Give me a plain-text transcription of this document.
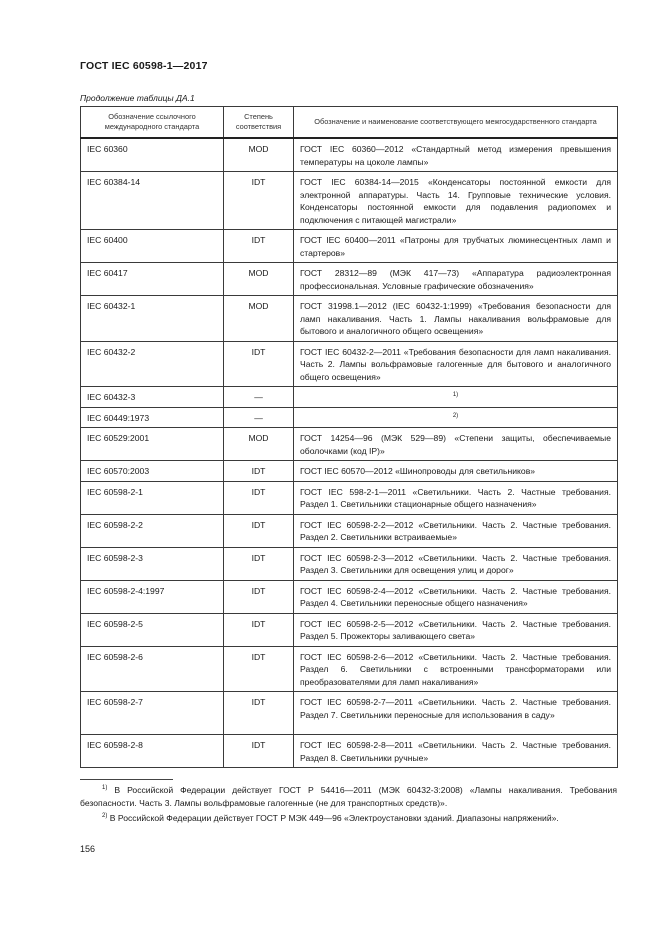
ГОСТ IEC 60598-1—2017
Продолжение таблицы ДА.1
Обозначение ссылочного международного стандарта	Степень соответствия	Обозначение и наименование соответствующего межгосударственного стандарта
IEC 60360	MOD	ГОСТ IEC 60360—2012 «Стандартный метод измерения превышения температуры на цоколе лампы»
IEC 60384-14	IDT	ГОСТ IEC 60384-14—2015 «Конденсаторы постоянной емкости для электронной аппаратуры. Часть 14. Групповые технические условия. Конденсаторы постоянной емкости для подавления радиопомех и подключения с питающей магистрали»
IEC 60400	IDT	ГОСТ IEC 60400—2011 «Патроны для трубчатых люминесцентных ламп и стартеров»
IEC 60417	MOD	ГОСТ 28312—89 (МЭК 417—73) «Аппаратура радиоэлектронная профессиональная. Условные графические обозначения»
IEC 60432-1	MOD	ГОСТ 31998.1—2012 (IEC 60432-1:1999) «Требования безопасности для ламп накаливания. Часть 1. Лампы накаливания вольфрамовые для бытового и аналогичного общего освещения»
IEC 60432-2	IDT	ГОСТ IEC 60432-2—2011 «Требования безопасности для ламп накаливания. Часть 2. Лампы вольфрамовые галогенные для бытового и аналогичного общего освещения»
IEC 60432-3	—	$^{1)}$
IEC 60449:1973	—	$^{2)}$
IEC 60529:2001	MOD	ГОСТ 14254—96 (МЭК 529—89) «Степени защиты, обеспечиваемые оболочками (код IP)»
IEC 60570:2003	IDT	ГОСТ IEC 60570—2012 «Шинопроводы для светильников»
IEC 60598-2-1	IDT	ГОСТ IEC 598-2-1—2011 «Светильники. Часть 2. Частные требования. Раздел 1. Светильники стационарные общего назначения»
IEC 60598-2-2	IDT	ГОСТ IEC 60598-2-2—2012 «Светильники. Часть 2. Частные требования. Раздел 2. Светильники встраиваемые»
IEC 60598-2-3	IDT	ГОСТ IEC 60598-2-3—2012 «Светильники. Часть 2. Частные требования. Раздел 3. Светильники для освещения улиц и дорог»
IEC 60598-2-4:1997	IDT	ГОСТ IEC 60598-2-4—2012 «Светильники. Часть 2. Частные требования. Раздел 4. Светильники переносные общего назначения»
IEC 60598-2-5	IDT	ГОСТ IEC 60598-2-5—2012 «Светильники. Часть 2. Частные требования. Раздел 5. Прожекторы заливающего света»
IEC 60598-2-6	IDT	ГОСТ IEC 60598-2-6—2012 «Светильники. Часть 2. Частные требования. Раздел 6. Светильники с встроенными трансформаторами или преобразователями для ламп накаливания»
IEC 60598-2-7	IDT	ГОСТ IEC 60598-2-7—2011 «Светильники. Часть 2. Частные требования. Раздел 7. Светильники переносные для использования в саду»
IEC 60598-2-8	IDT	ГОСТ IEC 60598-2-8—2011 «Светильники. Часть 2. Частные требования. Раздел 8. Светильники ручные»
$^{1)}$ В Российской Федерации действует ГОСТ Р 54416—2011 (МЭК 60432-3:2008) «Лампы накаливания. Требования безопасности. Часть 3. Лампы вольфрамовые галогенные (не для транспортных средств)».
$^{2)}$ В Российской Федерации действует ГОСТ Р МЭК 449—96 «Электроустановки зданий. Диапазоны напряжений».
156
